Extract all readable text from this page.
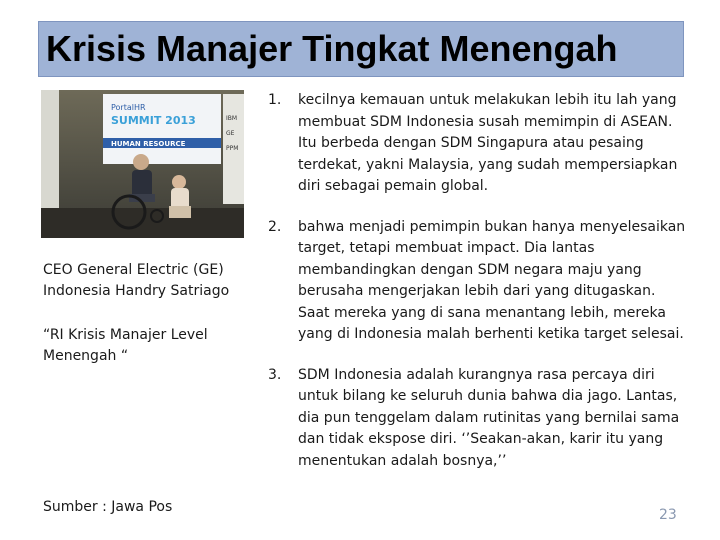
Krisis Manajer Tingkat Menengah
PortalHR
SUMMIT 2013
HUMAN RESOURCE
IBM
GE
PPM
CEO General Electric (GE) Indonesia Handry Satriago
“RI Krisis Manajer Level Menengah “
Sumber : Jawa Pos
1. kecilnya kemauan untuk melakukan lebih itu lah yang membuat SDM Indonesia susah memimpin di ASEAN. Itu berbeda dengan SDM Singapura atau pesaing terdekat, yakni Malaysia, yang sudah mempersiapkan diri sebagai pemain global.
2. bahwa menjadi pemimpin bukan hanya menyelesaikan target, tetapi membuat impact. Dia lantas membandingkan dengan SDM negara maju yang berusaha mengerjakan lebih dari yang ditugaskan. Saat mereka yang di sana menantang lebih, mereka yang di Indonesia malah berhenti ketika target selesai.
3. SDM Indonesia adalah kurangnya rasa percaya diri untuk bilang ke seluruh dunia bahwa dia jago. Lantas, dia pun tenggelam dalam rutinitas yang bernilai sama dan tidak ekspose diri. ‘’Seakan-akan, karir itu yang menentukan adalah bosnya,’’
23
